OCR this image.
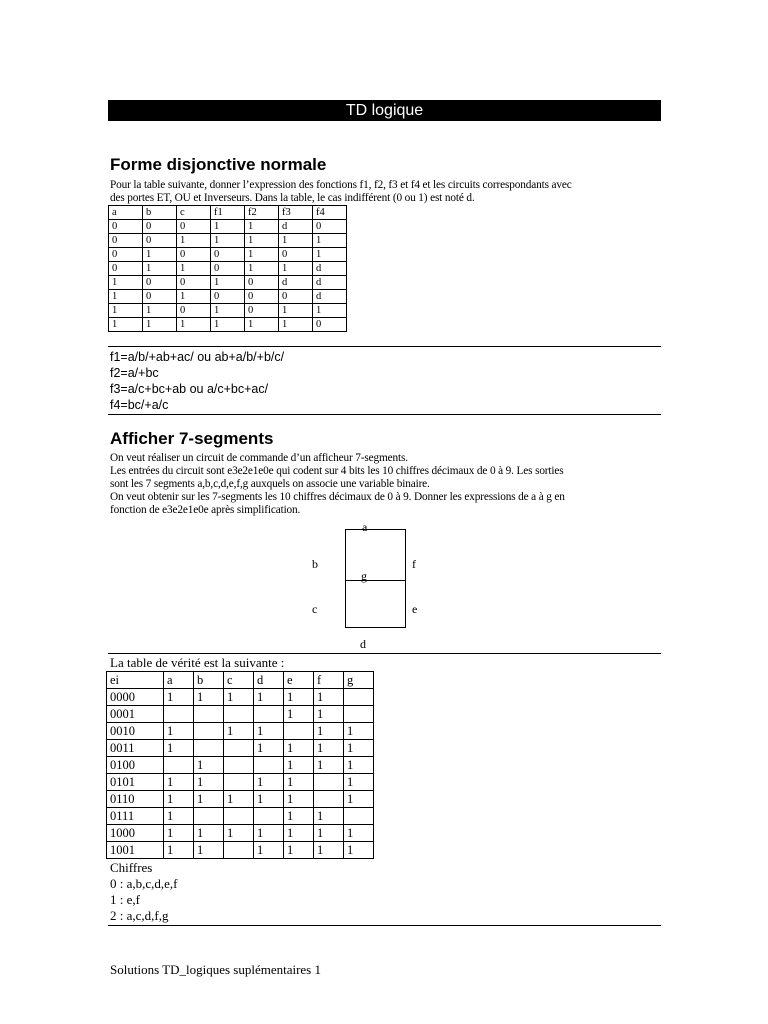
TD logique
Forme disjonctive normale

Pour la table suivante, donner l’expression des fonctions f1, f2, f3 et f4 et les circuits correspondants avec

des portes ET, OU et Inverseurs. Dans la table, le cas indifférent (0 ou 1) est noté d.

a	b	c	f1	f2	f3	f4
0	0	0	1	1	d	0
0	0	1	1	1	1	1
0	1	0	0	1	0	1
0	1	1	0	1	1	d
1	0	0	1	0	d	d
1	0	1	0	0	0	d
1	1	0	1	0	1	1
1	1	1	1	1	1	0
f1=a/b/+ab+ac/ ou ab+a/b/+b/c/
f2=a/+bc
f3=a/c+bc+ab ou a/c+bc+ac/
f4=bc/+a/c
Afficher 7-segments

On veut réaliser un circuit de commande d’un afficheur 7-segments.

Les entrées du circuit sont e3e2e1e0e qui codent sur 4 bits les 10 chiffres décimaux de 0 à 9. Les sorties

sont les 7 segments a,b,c,d,e,f,g auxquels on associe une variable binaire.

On veut obtenir sur les 7-segments les 10 chiffres décimaux de 0 à 9. Donner les expressions de a à g en

fonction de e3e2e1e0e après simplification.

a
b	f
g
c	e
d
La table de vérité est la suivante :
ei	a	b	c	d	e	f	g
0000	1	1	1	1	1	1	
0001					1	1	
0010	1		1	1		1	1
0011	1			1	1	1	1
0100		1			1	1	1
0101	1	1		1	1		1
0110	1	1	1	1	1		1
0111	1				1	1	
1000	1	1	1	1	1	1	1
1001	1	1		1	1	1	1
Chiffres
0 : a,b,c,d,e,f
1 : e,f
2 : a,c,d,f,g
Solutions TD_logiques suplémentaires 1
